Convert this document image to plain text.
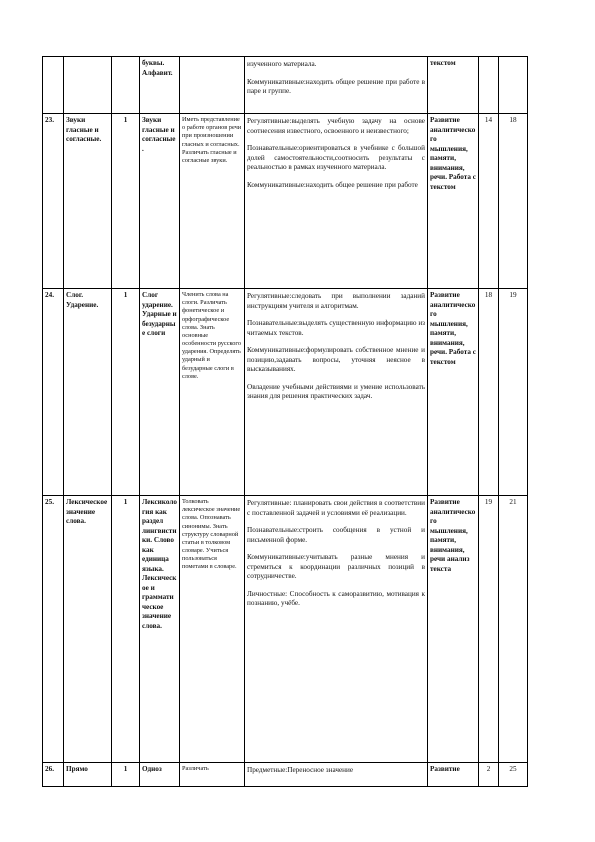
			буквы. Алфавит.		изученного материала.

Коммуникативные:находить общее решение при работе в паре и группе.	текстом		
23.	Звуки гласные и согласные.	1	Звуки гласные и согласные.	Иметь представление о работе органов речи при произношении гласных и согласных. Различать гласные и согласные звуки.	Регулятивные:выделять учебную задачу на основе соотнесения известного, освоенного и неизвестного;

Познавательные:ориентироваться в учебнике с большой долей самостоятельности,соотносить результаты с реальностью в рамках изученного материала.

Коммуникативные:находить общее решение при работе	Развитие аналитического мышления, памяти, внимания, речи. Работа с текстом	14	18
24.	Слог. Ударение.	1	Слог ударение. Ударные и безударные слоги	Членить слова на слоги. Различать фонетическое и орфографическое слова. Знать основные особенности русского ударения. Определять ударный и безударные слоги в слове.	Регулятивные:следовать при выполнении заданий инструкциям учителя и алгоритмам.

Познавательные:выделять существенную информацию из читаемых текстов.

Коммуникативные:формулировать собственное мнение и позицию,задавать вопросы, уточняя неясное в высказываниях.

Овладение учебными действиями и умение использовать знания для решения практических задач.	Развитие аналитического мышления, памяти, внимания, речи. Работа с текстом	18	19
25.	Лексическое значение слова.	1	Лексикология как раздел лингвистики. Слово как единица языка. Лексическое и грамматическое значение слова.	Толковать лексическое значение слова. Опознавать синонимы. Знать структуру словарной статьи в толковом словаре. Учиться пользоваться пометами в словаре.	Регулятивные: планировать свои действия в соответствии с поставленной задачей и условиями её реализации.

Познавательные:строить сообщения в устной и письменной форме.

Коммуникативные:учитывать разные мнения и стремиться к координации различных позиций в сотрудничестве.

Личностные: Способность к саморазвитию, мотивация к познанию, учёбе.	Развитие аналитического мышления, памяти, внимания, речи анализ текста	19	21
26.	Прямо	1	Однoз	Различать	Предметные:Переносное значение	Развитие	2	25
